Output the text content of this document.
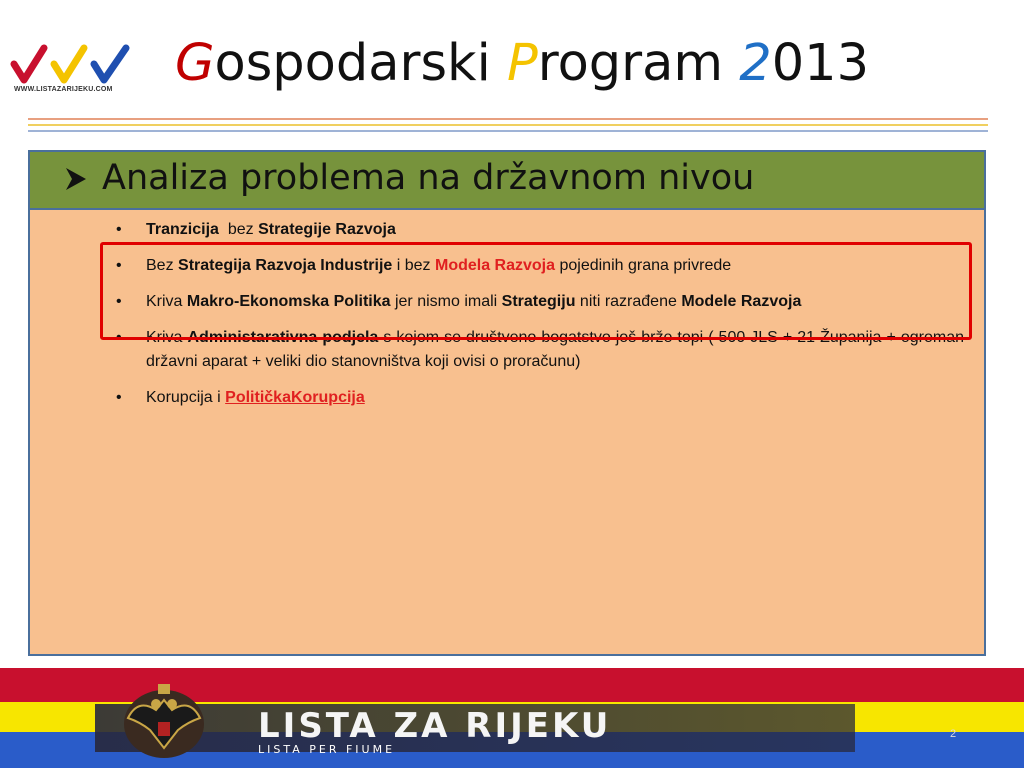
WWW.LISTAZARIJEKU.COM	Gospodarski Program 2013
Analiza problema na državnom nivou
• Tranzicija  bez Strategije Razvoja
• Bez Strategija Razvoja Industrije i bez Modela Razvoja pojedinih grana privrede
• Kriva Makro-Ekonomska Politika jer nismo imali Strategiju niti razrađene Modele Razvoja
• Kriva Administarativna podjela s kojom se društveno bogatstvo još brže topi ( 500 JLS + 21 Županija + ogroman državni aparat + veliki dio stanovništva koji ovisi o proračunu)
• Korupcija i PolitičkaKorupcija
LISTA ZA RIJEKU
LISTA PER FIUME
2
